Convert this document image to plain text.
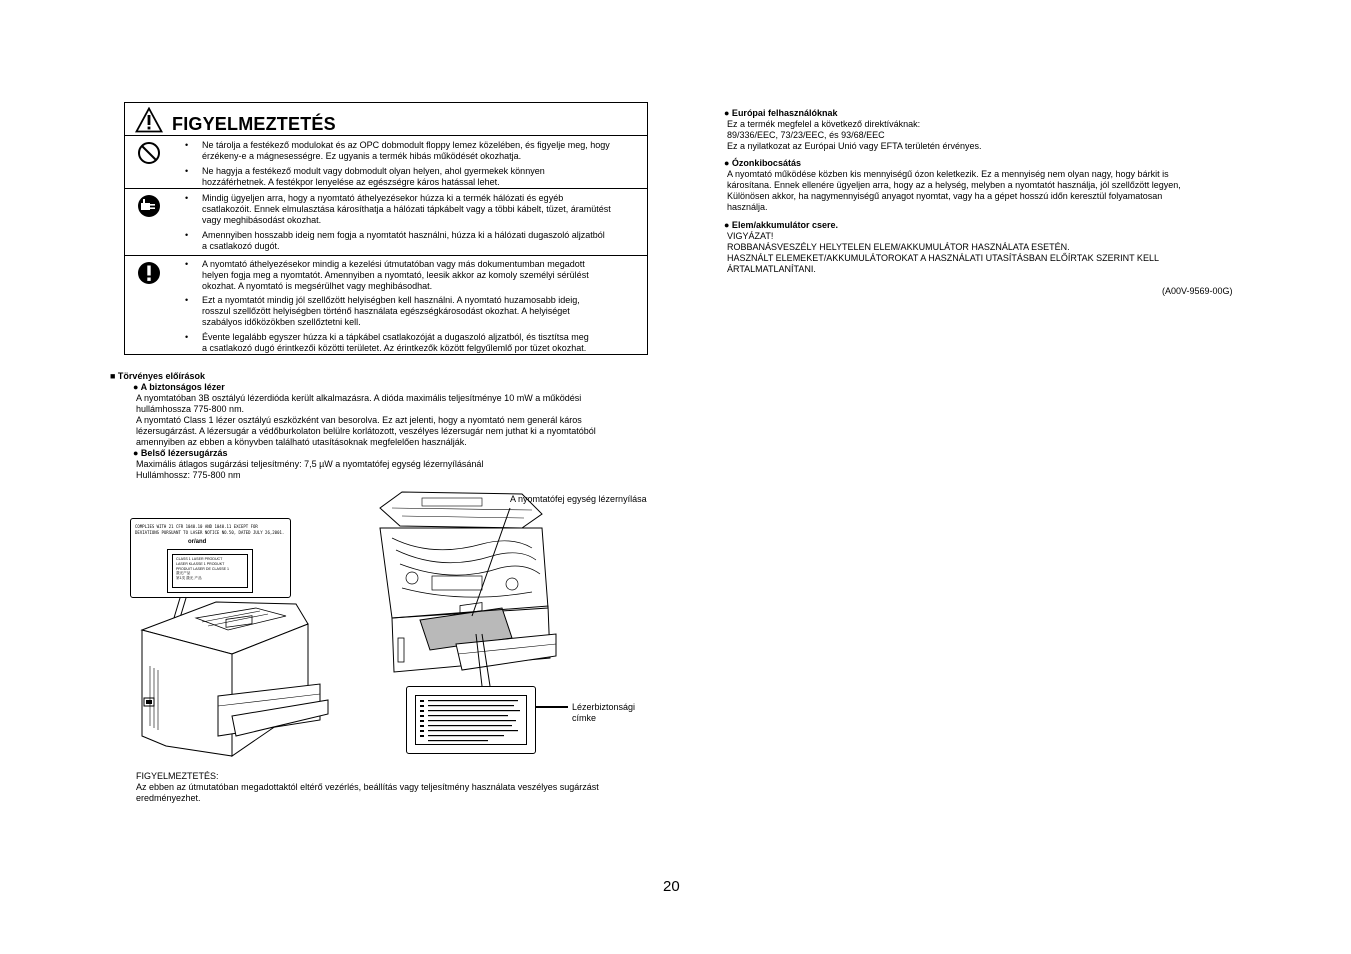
FIGYELMEZTETÉS
• Ne tárolja a festékező modulokat és az OPC dobmodult floppy lemez közelében, és figyelje meg, hogy
érzékeny-e a mágnesességre. Ez ugyanis a termék hibás működését okozhatja.
• Ne hagyja a festékező modult vagy dobmodult olyan helyen, ahol gyermekek könnyen
hozzáférhetnek. A festékpor lenyelése az egészségre káros hatással lehet.
• Mindig ügyeljen arra, hogy a nyomtató áthelyezésekor húzza ki a termék hálózati és egyéb
csatlakozóit. Ennek elmulasztása károsíthatja a hálózati tápkábelt vagy a többi kábelt, tüzet, áramütést
vagy meghibásodást okozhat.
• Amennyiben hosszabb ideig nem fogja a nyomtatót használni, húzza ki a hálózati dugaszoló aljzatból
a csatlakozó dugót.
• A nyomtató áthelyezésekor mindig a kezelési útmutatóban vagy más dokumentumban megadott
helyen fogja meg a nyomtatót. Amennyiben a nyomtató, leesik akkor az komoly személyi sérülést
okozhat. A nyomtató is megsérülhet vagy meghibásodhat.
• Ezt a nyomtatót mindig jól szellőzött helyiségben kell használni. A nyomtató huzamosabb ideig,
rosszul szellőzött helyiségben történő használata egészségkárosodást okozhat. A helyiséget
szabályos időközökben szellőztetni kell.
• Évente legalább egyszer húzza ki a tápkábel csatlakozóját a dugaszoló aljzatból, és tisztítsa meg
a csatlakozó dugó érintkezői közötti területet. Az érintkezők között felgyűlemlő por tüzet okozhat.
■ Törvényes előírások
● A biztonságos lézer
A nyomtatóban 3B osztályú lézerdióda került alkalmazásra. A dióda maximális teljesítménye 10 mW a működési
hullámhossza 775-800 nm.
A nyomtató Class 1 lézer osztályú eszközként van besorolva. Ez azt jelenti, hogy a nyomtató nem generál káros
lézersugárzást. A lézersugár a védőburkolaton belülre korlátozott, veszélyes lézersugár nem juthat ki a nyomtatóból
amennyiben az ebben a könyvben található utasításoknak megfelelően használják.
● Belső lézersugárzás
Maximális átlagos sugárzási teljesítmény: 7,5 µW a nyomtatófej egység lézernyílásánál
Hullámhossz: 775-800 nm
COMPLIES WITH 21 CFR 1040.10 AND 1040.11 EXCEPT FOR
DEVIATIONS PURSUANT TO LASER NOTICE NO.50, DATED JULY 26,2001.
or/and
CLASS 1 LASER PRODUCT
LASER KLASSE 1 PRODUKT
PRODUIT LASER DE CLASSE 1
激光产品
第1类 激光 产品
A nyomtatófej egység lézernyílása
Lézerbiztonsági
címke
FIGYELMEZTETÉS:
Az ebben az útmutatóban megadottaktól eltérő vezérlés, beállítás vagy teljesítmény használata veszélyes sugárzást
eredményezhet.
● Európai felhasználóknak
Ez a termék megfelel a következő direktíváknak:
89/336/EEC, 73/23/EEC, és 93/68/EEC
Ez a nyilatkozat az Európai Unió vagy EFTA területén érvényes.
● Ózonkibocsátás
A nyomtató működése közben kis mennyiségű ózon keletkezik. Ez a mennyiség nem olyan nagy, hogy bárkit is
károsítana. Ennek ellenére ügyeljen arra, hogy az a helység, melyben a nyomtatót használja, jól szellőzött legyen,
Különösen akkor, ha nagymennyiségű anyagot nyomtat, vagy ha a gépet hosszú időn keresztül folyamatosan
használja.
● Elem/akkumulátor csere.
VIGYÁZAT!
ROBBANÁSVESZÉLY HELYTELEN ELEM/AKKUMULÁTOR HASZNÁLATA ESETÉN.
HASZNÁLT ELEMEKET/AKKUMULÁTOROKAT A HASZNÁLATI UTASÍTÁSBAN ELŐÍRTAK SZERINT KELL
ÁRTALMATLANÍTANI.
(A00V-9569-00G)
20
